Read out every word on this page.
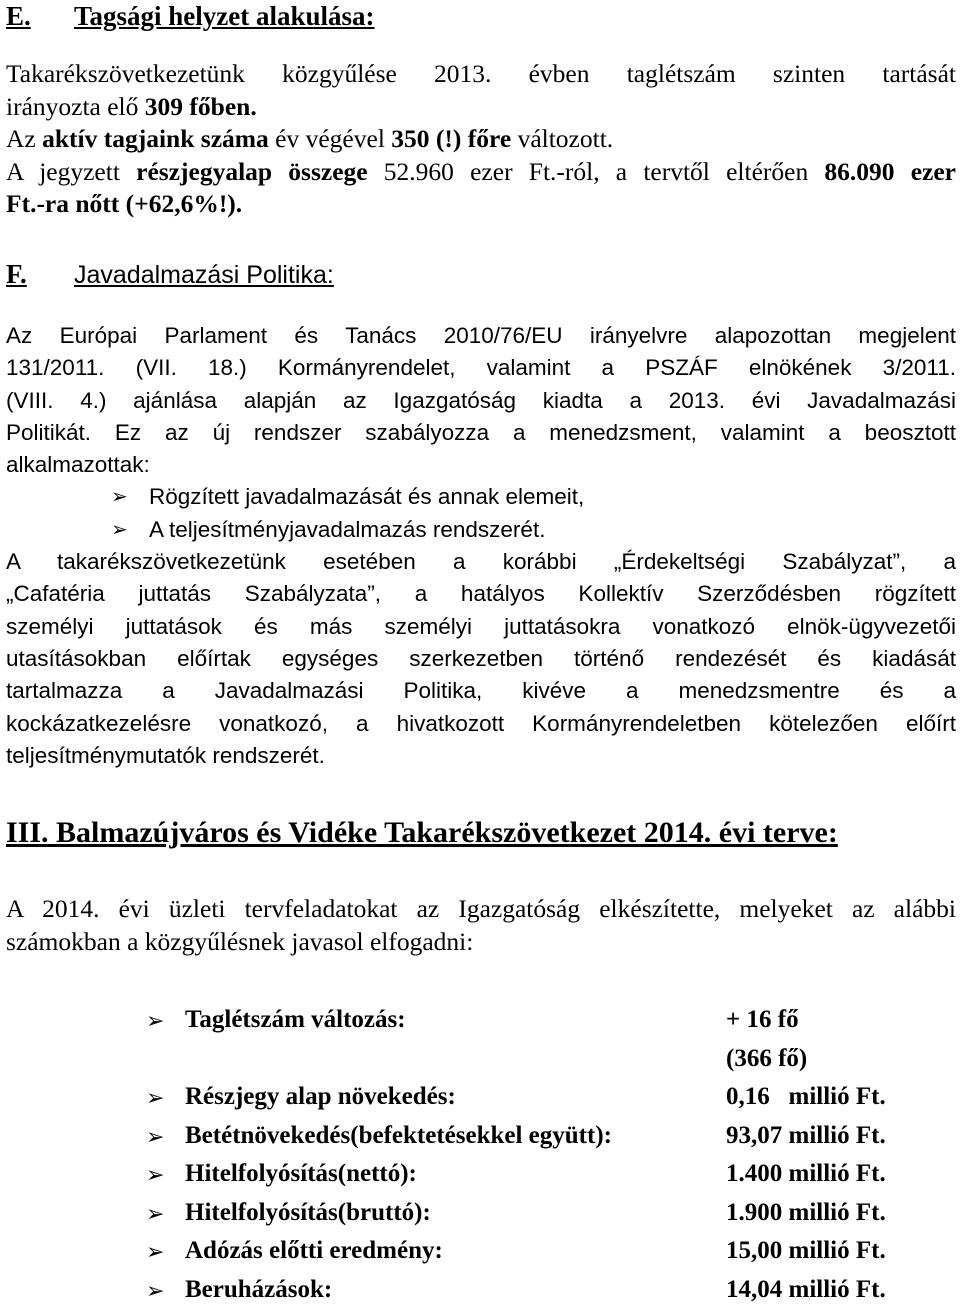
E. Tagsági helyzet alakulása:
Takarékszövetkezetünk közgyűlése 2013. évben taglétszám szinten tartását
irányozta elő 309 főben.
Az aktív tagjaink száma év végével 350 (!) főre változott.
A jegyzett részjegyalap összege 52.960 ezer Ft.-ról, a tervtől eltérően 86.090 ezer
Ft.-ra nőtt (+62,6%!).
F. Javadalmazási Politika:
Az Európai Parlament és Tanács 2010/76/EU irányelvre alapozottan megjelent
131/2011. (VII. 18.) Kormányrendelet, valamint a PSZÁF elnökének 3/2011.
(VIII. 4.) ajánlása alapján az Igazgatóság kiadta a 2013. évi Javadalmazási
Politikát. Ez az új rendszer szabályozza a menedzsment, valamint a beosztott
alkalmazottak:
➢ Rögzített javadalmazását és annak elemeit,
➢ A teljesítményjavadalmazás rendszerét.
A takarékszövetkezetünk esetében a korábbi „Érdekeltségi Szabályzat”, a
„Cafatéria juttatás Szabályzata”, a hatályos Kollektív Szerződésben rögzített
személyi juttatások és más személyi juttatásokra vonatkozó elnök-ügyvezetői
utasításokban előírtak egységes szerkezetben történő rendezését és kiadását
tartalmazza a Javadalmazási Politika, kivéve a menedzsmentre és a
kockázatkezelésre vonatkozó, a hivatkozott Kormányrendeletben kötelezően előírt
teljesítménymutatók rendszerét.
III. Balmazújváros és Vidéke Takarékszövetkezet 2014. évi terve:
A 2014. évi üzleti tervfeladatokat az Igazgatóság elkészítette, melyeket az alábbi
számokban a közgyűlésnek javasol elfogadni:
➢ Taglétszám változás:	+ 16 fő
(366 fő)
➢ Részjegy alap növekedés:	0,16   millió Ft.
➢ Betétnövekedés(befektetésekkel együtt):	93,07 millió Ft.
➢ Hitelfolyósítás(nettó):	1.400 millió Ft.
➢ Hitelfolyósítás(bruttó):	1.900 millió Ft.
➢ Adózás előtti eredmény:	15,00 millió Ft.
➢ Beruházások:	14,04 millió Ft.
